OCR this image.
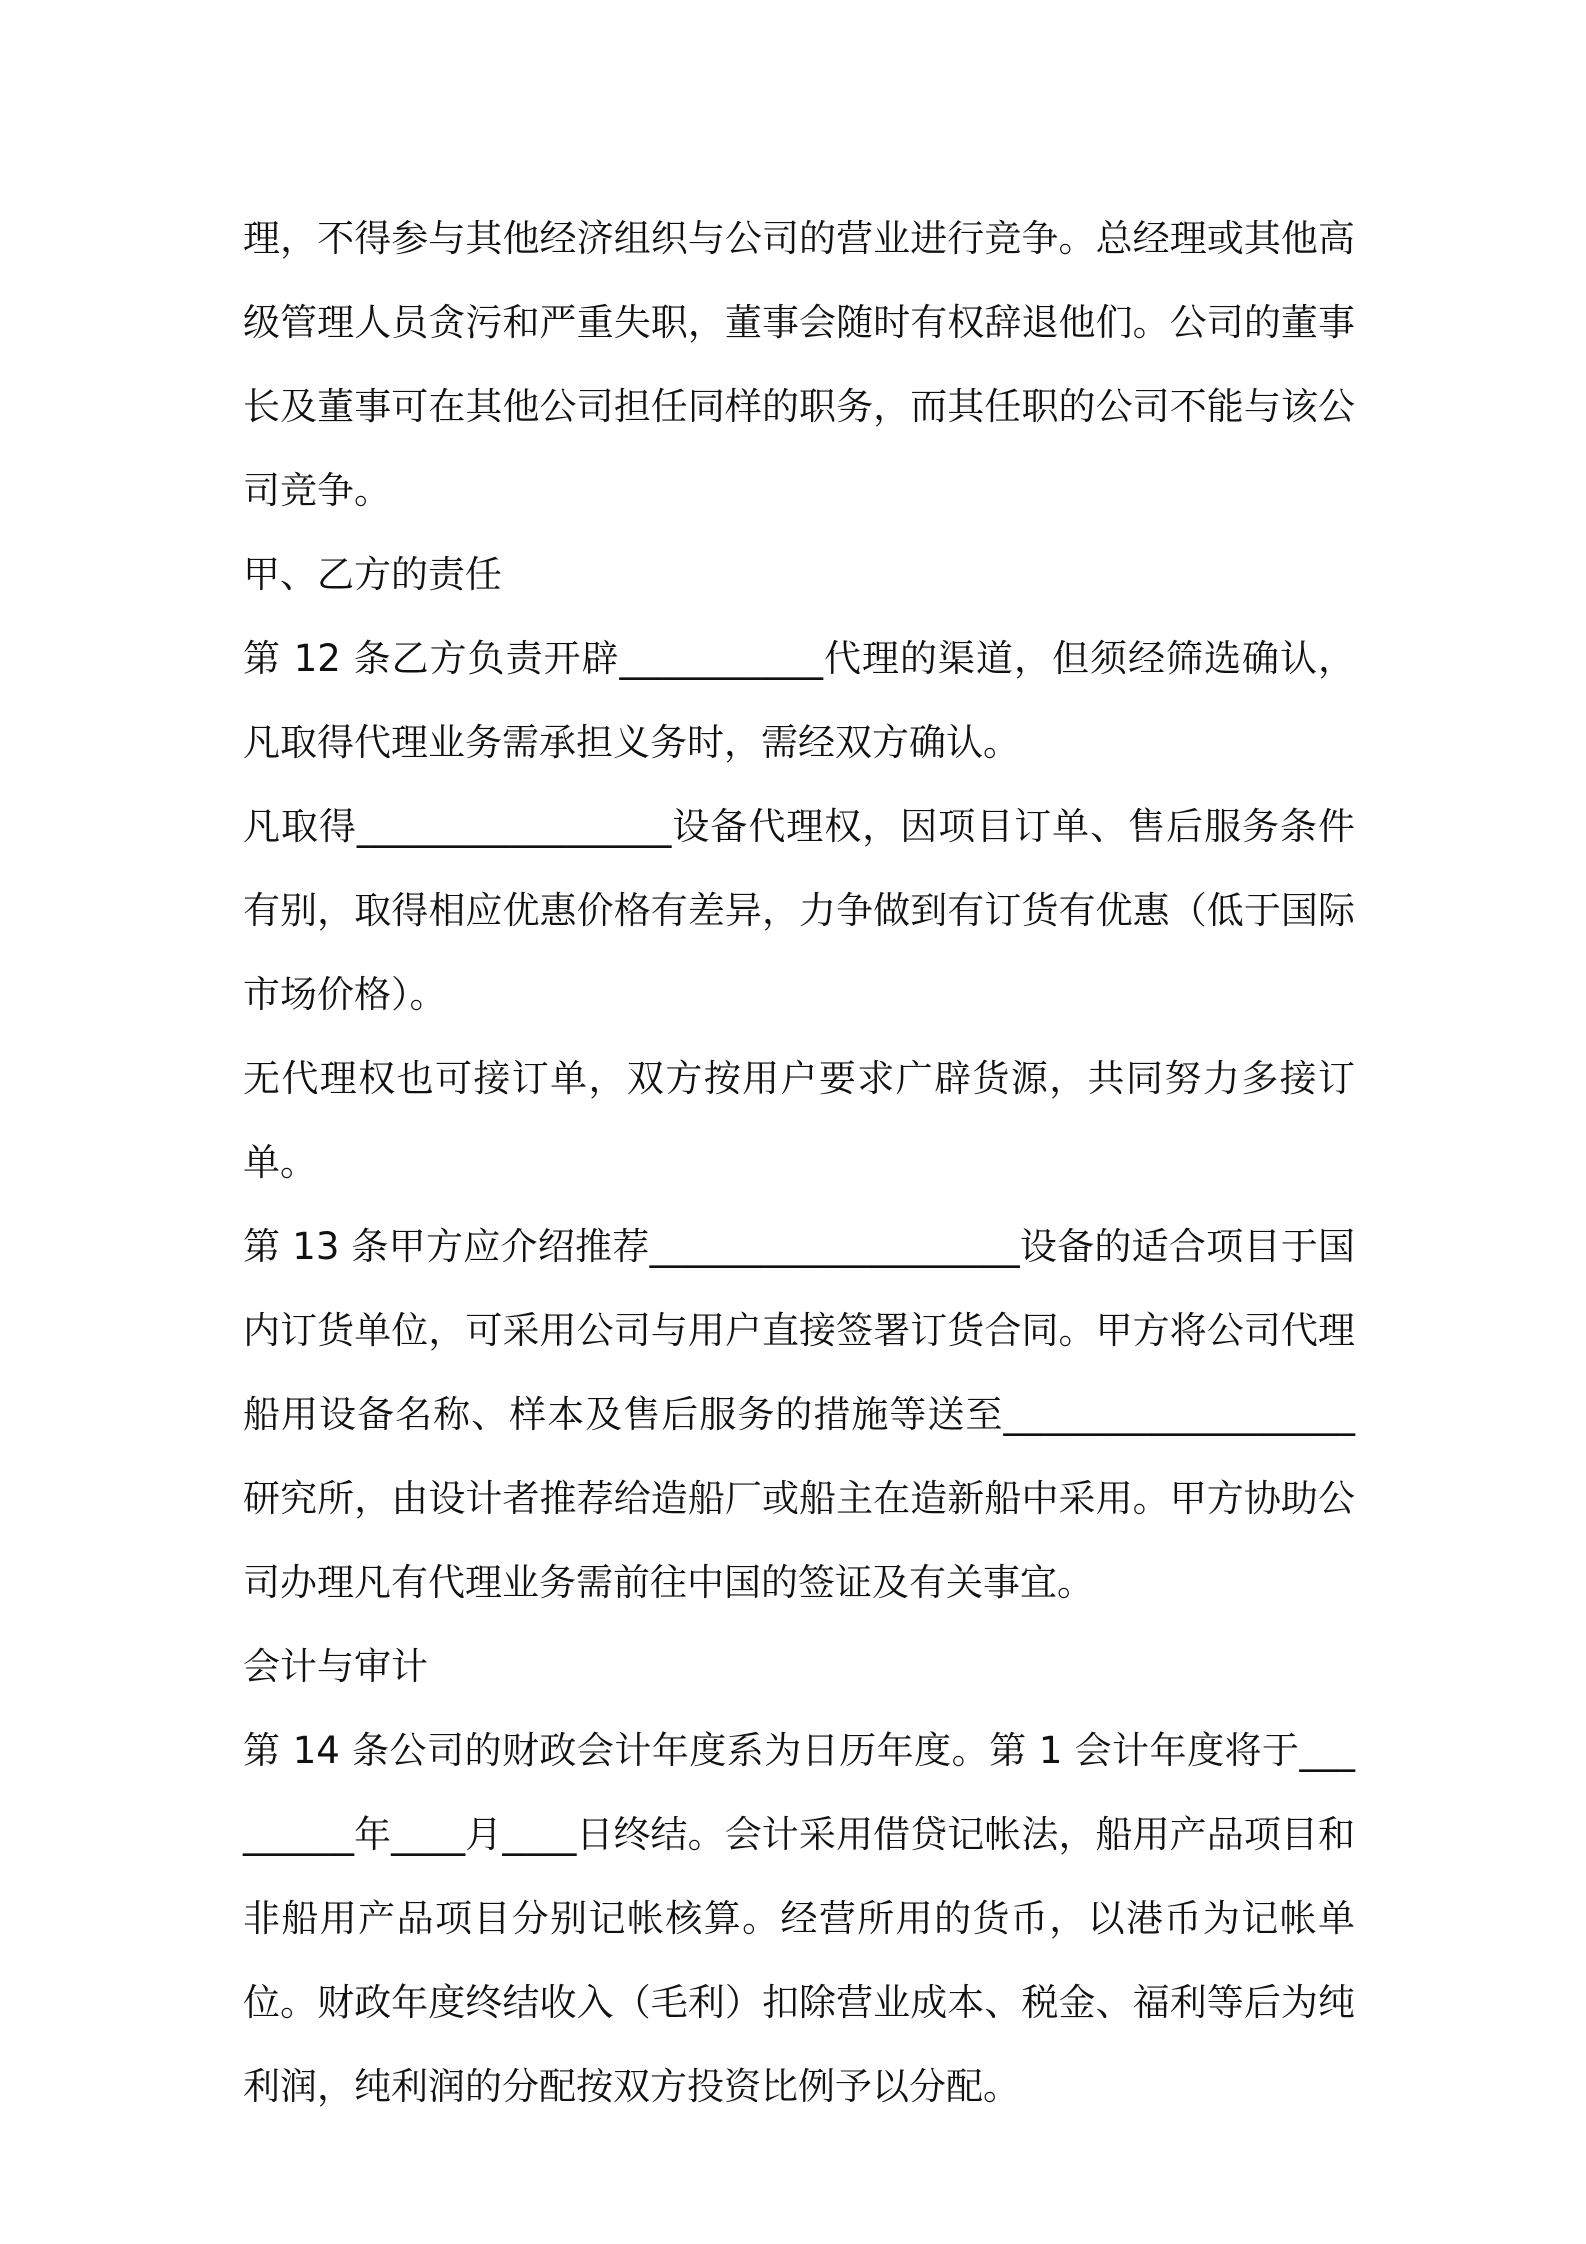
理，不得参与其他经济组织与公司的营业进行竞争。总经理或其他高级管理人员贪污和严重失职，董事会随时有权辞退他们。公司的董事长及董事可在其他公司担任同样的职务，而其任职的公司不能与该公司竞争。

甲、乙方的责任

第 12 条乙方负责开辟___________代理的渠道，但须经筛选确认，凡取得代理业务需承担义务时，需经双方确认。

凡取得_________________设备代理权，因项目订单、售后服务条件有别，取得相应优惠价格有差异，力争做到有订货有优惠（低于国际市场价格）。

无代理权也可接订单，双方按用户要求广辟货源，共同努力多接订单。

第 13 条甲方应介绍推荐____________________设备的适合项目于国内订货单位，可采用公司与用户直接签署订货合同。甲方将公司代理船用设备名称、样本及售后服务的措施等送至___________________研究所，由设计者推荐给造船厂或船主在造新船中采用。甲方协助公司办理凡有代理业务需前往中国的签证及有关事宜。

会计与审计

第 14 条公司的财政会计年度系为日历年度。第 1 会计年度将于_________年____月____日终结。会计采用借贷记帐法，船用产品项目和非船用产品项目分别记帐核算。经营所用的货币，以港币为记帐单位。财政年度终结收入（毛利）扣除营业成本、税金、福利等后为纯利润，纯利润的分配按双方投资比例予以分配。
